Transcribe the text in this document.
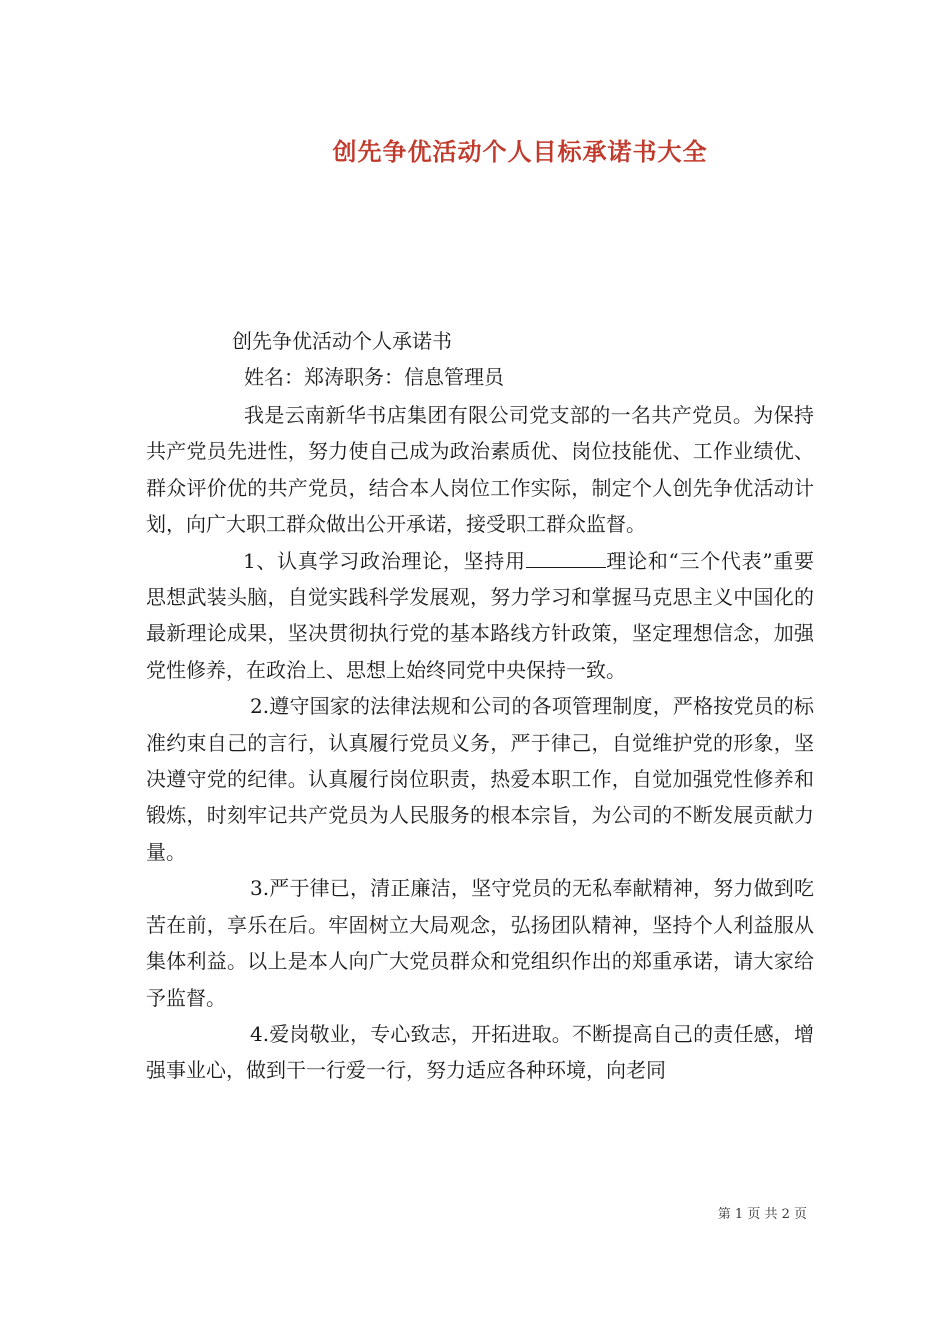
创先争优活动个人目标承诺书大全

创先争优活动个人承诺书

姓名：郑涛职务：信息管理员

我是云南新华书店集团有限公司党支部的一名共产党员。为保持共产党员先进性，努力使自己成为政治素质优、岗位技能优、工作业绩优、群众评价优的共产党员，结合本人岗位工作实际，制定个人创先争优活动计划，向广大职工群众做出公开承诺，接受职工群众监督。

1、认真学习政治理论，坚持用	理论和“三个代表”重要思想武装头脑，自觉实践科学发展观，努力学习和掌握马克思主义中国化的最新理论成果，坚决贯彻执行党的基本路线方针政策，坚定理想信念，加强党性修养，在政治上、思想上始终同党中央保持一致。

2.遵守国家的法律法规和公司的各项管理制度，严格按党员的标准约束自己的言行，认真履行党员义务，严于律己，自觉维护党的形象，坚决遵守党的纪律。认真履行岗位职责，热爱本职工作，自觉加强党性修养和锻炼，时刻牢记共产党员为人民服务的根本宗旨，为公司的不断发展贡献力量。

3.严于律已，清正廉洁，坚守党员的无私奉献精神，努力做到吃苦在前，享乐在后。牢固树立大局观念，弘扬团队精神，坚持个人利益服从集体利益。以上是本人向广大党员群众和党组织作出的郑重承诺，请大家给予监督。

4.爱岗敬业，专心致志，开拓进取。不断提高自己的责任感，增强事业心，做到干一行爱一行，努力适应各种环境，向老同

第 1 页 共 2 页
